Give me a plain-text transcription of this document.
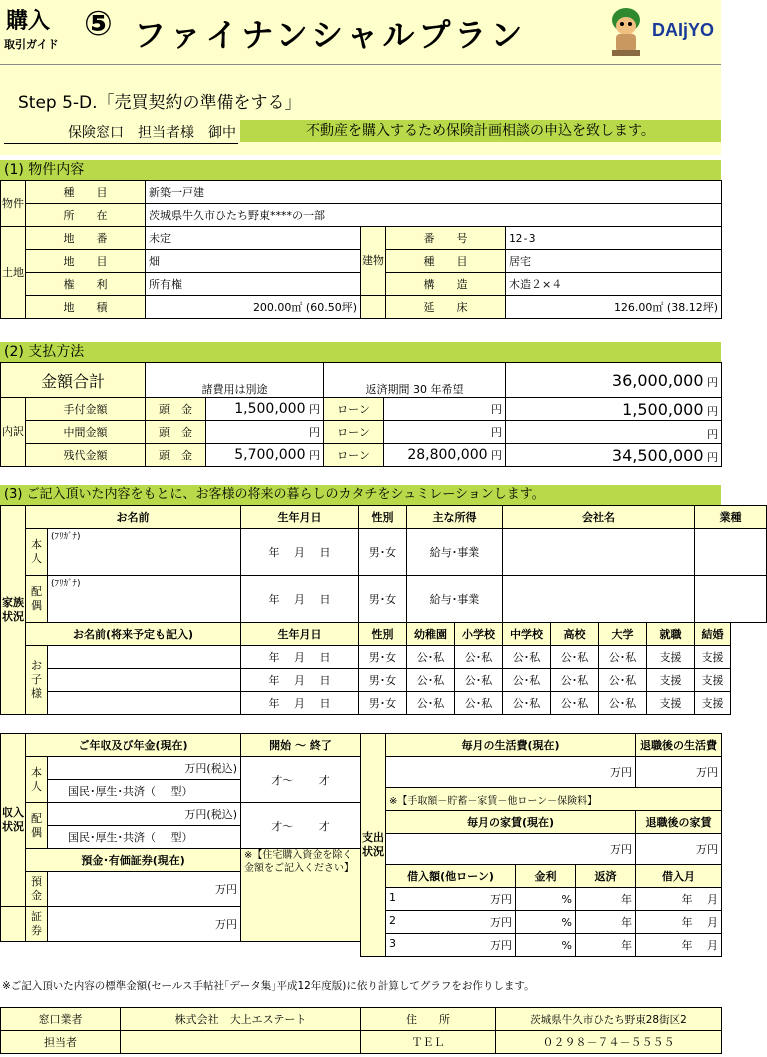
購入
取引ガイド
⑤ ファイナンシャルプラン	DAIjYO
Step 5-D.「売買契約の準備をする」
保険窓口　担当者様　御中	不動産を購入するため保険計画相談の申込を致します。
(1) 物件内容
物件	種　　目	新築一戸建			
	所　　在	茨城県牛久市ひたち野東****の一部			
土地	地　　番	未定	建物	番　　号	12-3
	地　　目	畑		種　　目	居宅
	権　　利	所有権		構　　造	木造２×４
	地　　積	200.00㎡ (60.50坪)		延　　床	126.00㎡ (38.12坪)
(2) 支払方法
金額合計		諸費用は別途		返済期間 30 年希望		36,000,000 円
内訳	手付金額	頭　金	1,500,000 円	ローン	円	1,500,000 円
	中間金額	頭　金	円	ローン	円	円
	残代金額	頭　金	5,700,000 円	ローン	28,800,000 円	34,500,000 円
(3) ご記入頂いた内容をもとに、お客様の将来の暮らしのカタチをシュミレーションします。
家族状況	お名前		生年月日	性別	主な所得		会社名				業種
	本人	(ﾌﾘｶﾞﾅ)	年　 月　 日	男･女	給与･事業						
	配偶	(ﾌﾘｶﾞﾅ)	年　 月　 日	男･女	給与･事業						
	お名前(将来予定も記入)		生年月日	性別	幼稚園	小学校	中学校	高校	大学	就職	結婚
	お子様		年　 月　 日	男･女	公･私	公･私	公･私	公･私	公･私	支援	支援
			年　 月　 日	男･女	公･私	公･私	公･私	公･私	公･私	支援	支援
			年　 月　 日	男･女	公･私	公･私	公･私	公･私	公･私	支援	支援
収入状況	ご年収及び年金(現在)		開始 ～ 終了
	本人	万円(税込)	才～　　 才
		国民･厚生･共済（　 型）	
	配偶	万円(税込)	才～　　 才
		国民･厚生･共済（　 型）	
	預金･有価証券(現在)		※【住宅購入資金を除く金額をご記入ください】
	預金	万円	
	証券	万円	
支出状況	毎月の生活費(現在)			退職後の生活費
	万円			万円
	※【手取額－貯蓄－家賃－他ローン－保険料】			
	毎月の家賃(現在)			退職後の家賃
	万円			万円
	借入額(他ローン)	金利	返済	借入月

	1 万円	%	年	年　 月

	2 万円	%	年	年　 月

	3 万円	%	年	年　 月
※ご記入頂いた内容の標準金額(セールス手帖社｢データ集｣平成12年度版)に依り計算してグラフをお作りします。
窓口業者	株式会社　大上エステート	住　　所	茨城県牛久市ひたち野東28街区2
担当者		ＴＥＬ	０２９８－７４－５５５５
